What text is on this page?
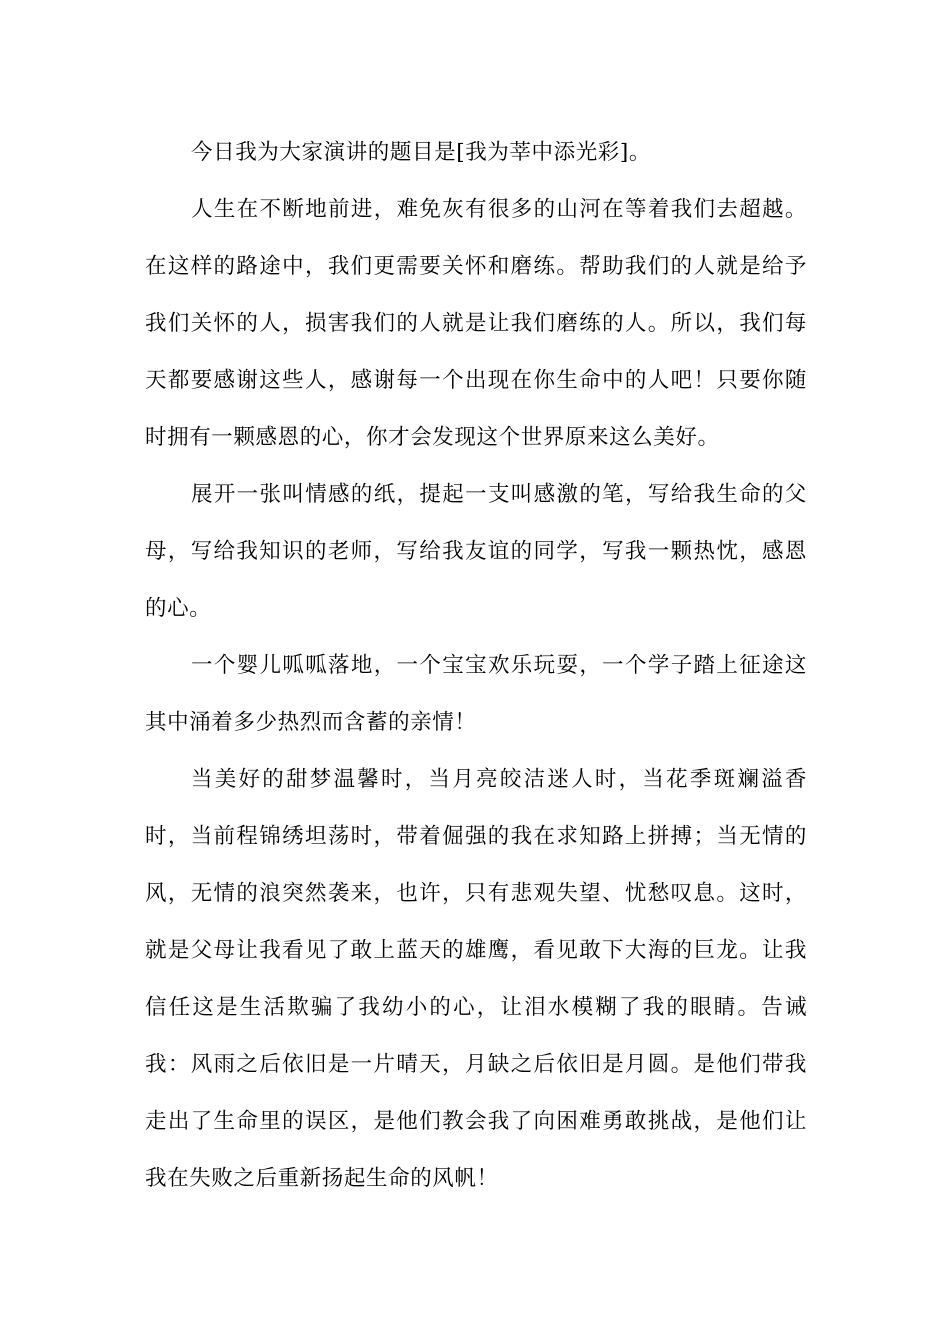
今日我为大家演讲的题目是[我为莘中添光彩]。

人生在不断地前进，难免灰有很多的山河在等着我们去超越。在这样的路途中，我们更需要关怀和磨练。帮助我们的人就是给予我们关怀的人，损害我们的人就是让我们磨练的人。所以，我们每天都要感谢这些人，感谢每一个出现在你生命中的人吧！只要你随时拥有一颗感恩的心，你才会发现这个世界原来这么美好。

展开一张叫情感的纸，提起一支叫感激的笔，写给我生命的父母，写给我知识的老师，写给我友谊的同学，写我一颗热忱，感恩的心。

一个婴儿呱呱落地，一个宝宝欢乐玩耍，一个学子踏上征途这其中涌着多少热烈而含蓄的亲情！

当美好的甜梦温馨时，当月亮皎洁迷人时，当花季斑斓溢香时，当前程锦绣坦荡时，带着倔强的我在求知路上拼搏；当无情的风，无情的浪突然袭来，也许，只有悲观失望、忧愁叹息。这时，就是父母让我看见了敢上蓝天的雄鹰，看见敢下大海的巨龙。让我信任这是生活欺骗了我幼小的心，让泪水模糊了我的眼睛。告诫我：风雨之后依旧是一片晴天，月缺之后依旧是月圆。是他们带我走出了生命里的误区，是他们教会我了向困难勇敢挑战，是他们让我在失败之后重新扬起生命的风帆！
